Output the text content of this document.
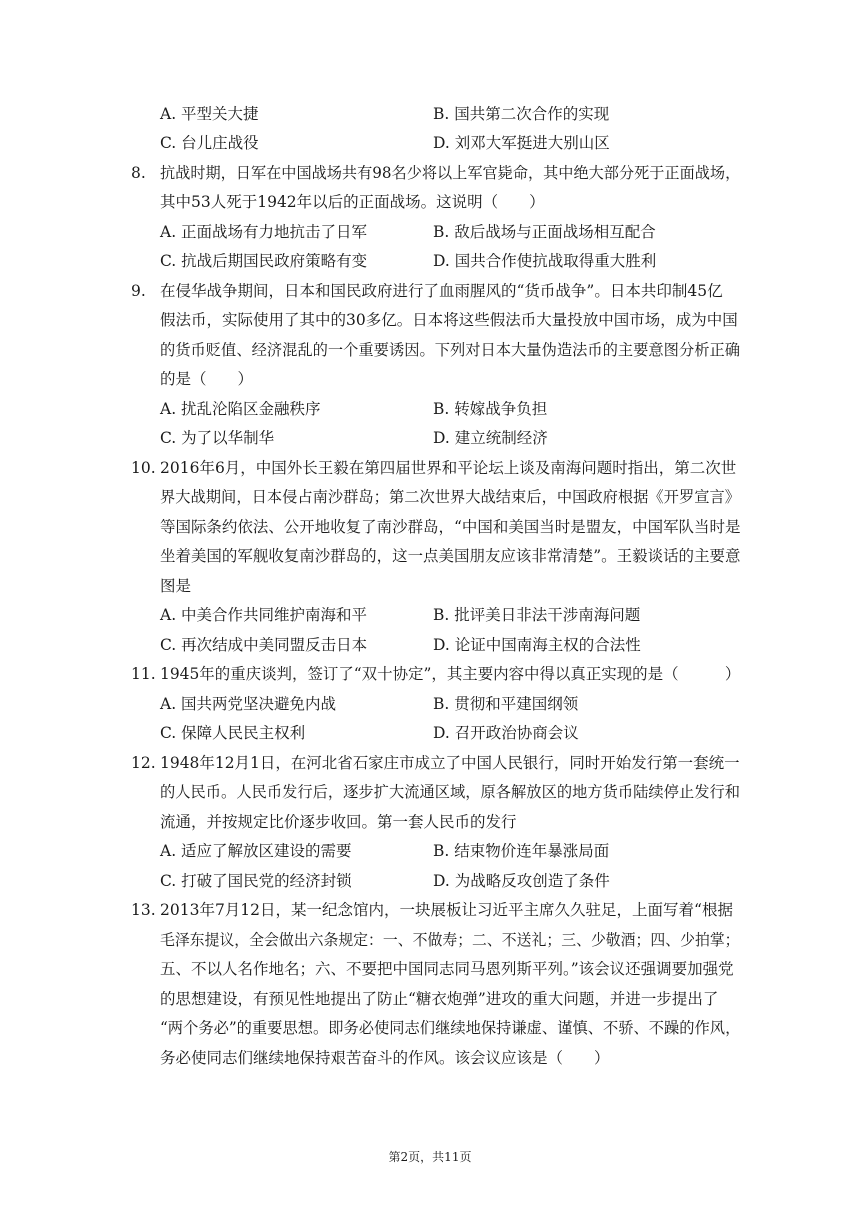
A. 平型关大捷	B. 国共第二次合作的实现
C. 台儿庄战役	D. 刘邓大军挺进大别山区
8. 抗战时期，日军在中国战场共有98名少将以上军官毙命，其中绝大部分死于正面战场，
其中53人死于1942年以后的正面战场。这说明（　　）
A. 正面战场有力地抗击了日军	B. 敌后战场与正面战场相互配合
C. 抗战后期国民政府策略有变	D. 国共合作使抗战取得重大胜利
9. 在侵华战争期间，日本和国民政府进行了血雨腥风的“货币战争”。日本共印制45亿
假法币，实际使用了其中的30多亿。日本将这些假法币大量投放中国市场，成为中国
的货币贬值、经济混乱的一个重要诱因。下列对日本大量伪造法币的主要意图分析正确
的是（　　）
A. 扰乱沦陷区金融秩序	B. 转嫁战争负担
C. 为了以华制华	D. 建立统制经济
10. 2016年6月，中国外长王毅在第四届世界和平论坛上谈及南海问题时指出，第二次世
界大战期间，日本侵占南沙群岛；第二次世界大战结束后，中国政府根据《开罗宣言》
等国际条约依法、公开地收复了南沙群岛，“中国和美国当时是盟友，中国军队当时是
坐着美国的军舰收复南沙群岛的，这一点美国朋友应该非常清楚”。王毅谈话的主要意
图是
A. 中美合作共同维护南海和平	B. 批评美日非法干涉南海问题
C. 再次结成中美同盟反击日本	D. 论证中国南海主权的合法性
11. 1945年的重庆谈判，签订了“双十协定”，其主要内容中得以真正实现的是（　　　）
A. 国共两党坚决避免内战	B. 贯彻和平建国纲领
C. 保障人民民主权利	D. 召开政治协商会议
12. 1948年12月1日，在河北省石家庄市成立了中国人民银行，同时开始发行第一套统一
的人民币。人民币发行后，逐步扩大流通区域，原各解放区的地方货币陆续停止发行和
流通，并按规定比价逐步收回。第一套人民币的发行
A. 适应了解放区建设的需要	B. 结束物价连年暴涨局面
C. 打破了国民党的经济封锁	D. 为战略反攻创造了条件
13. 2013年7月12日，某一纪念馆内，一块展板让习近平主席久久驻足，上面写着“根据
毛泽东提议，全会做出六条规定：一、不做寿；二、不送礼；三、少敬酒；四、少拍掌；
五、不以人名作地名；六、不要把中国同志同马恩列斯平列。”该会议还强调要加强党
的思想建设，有预见性地提出了防止“糖衣炮弹”进攻的重大问题，并进一步提出了
“两个务必”的重要思想。即务必使同志们继续地保持谦虚、谨慎、不骄、不躁的作风，
务必使同志们继续地保持艰苦奋斗的作风。该会议应该是（　　）
第2页，共11页
